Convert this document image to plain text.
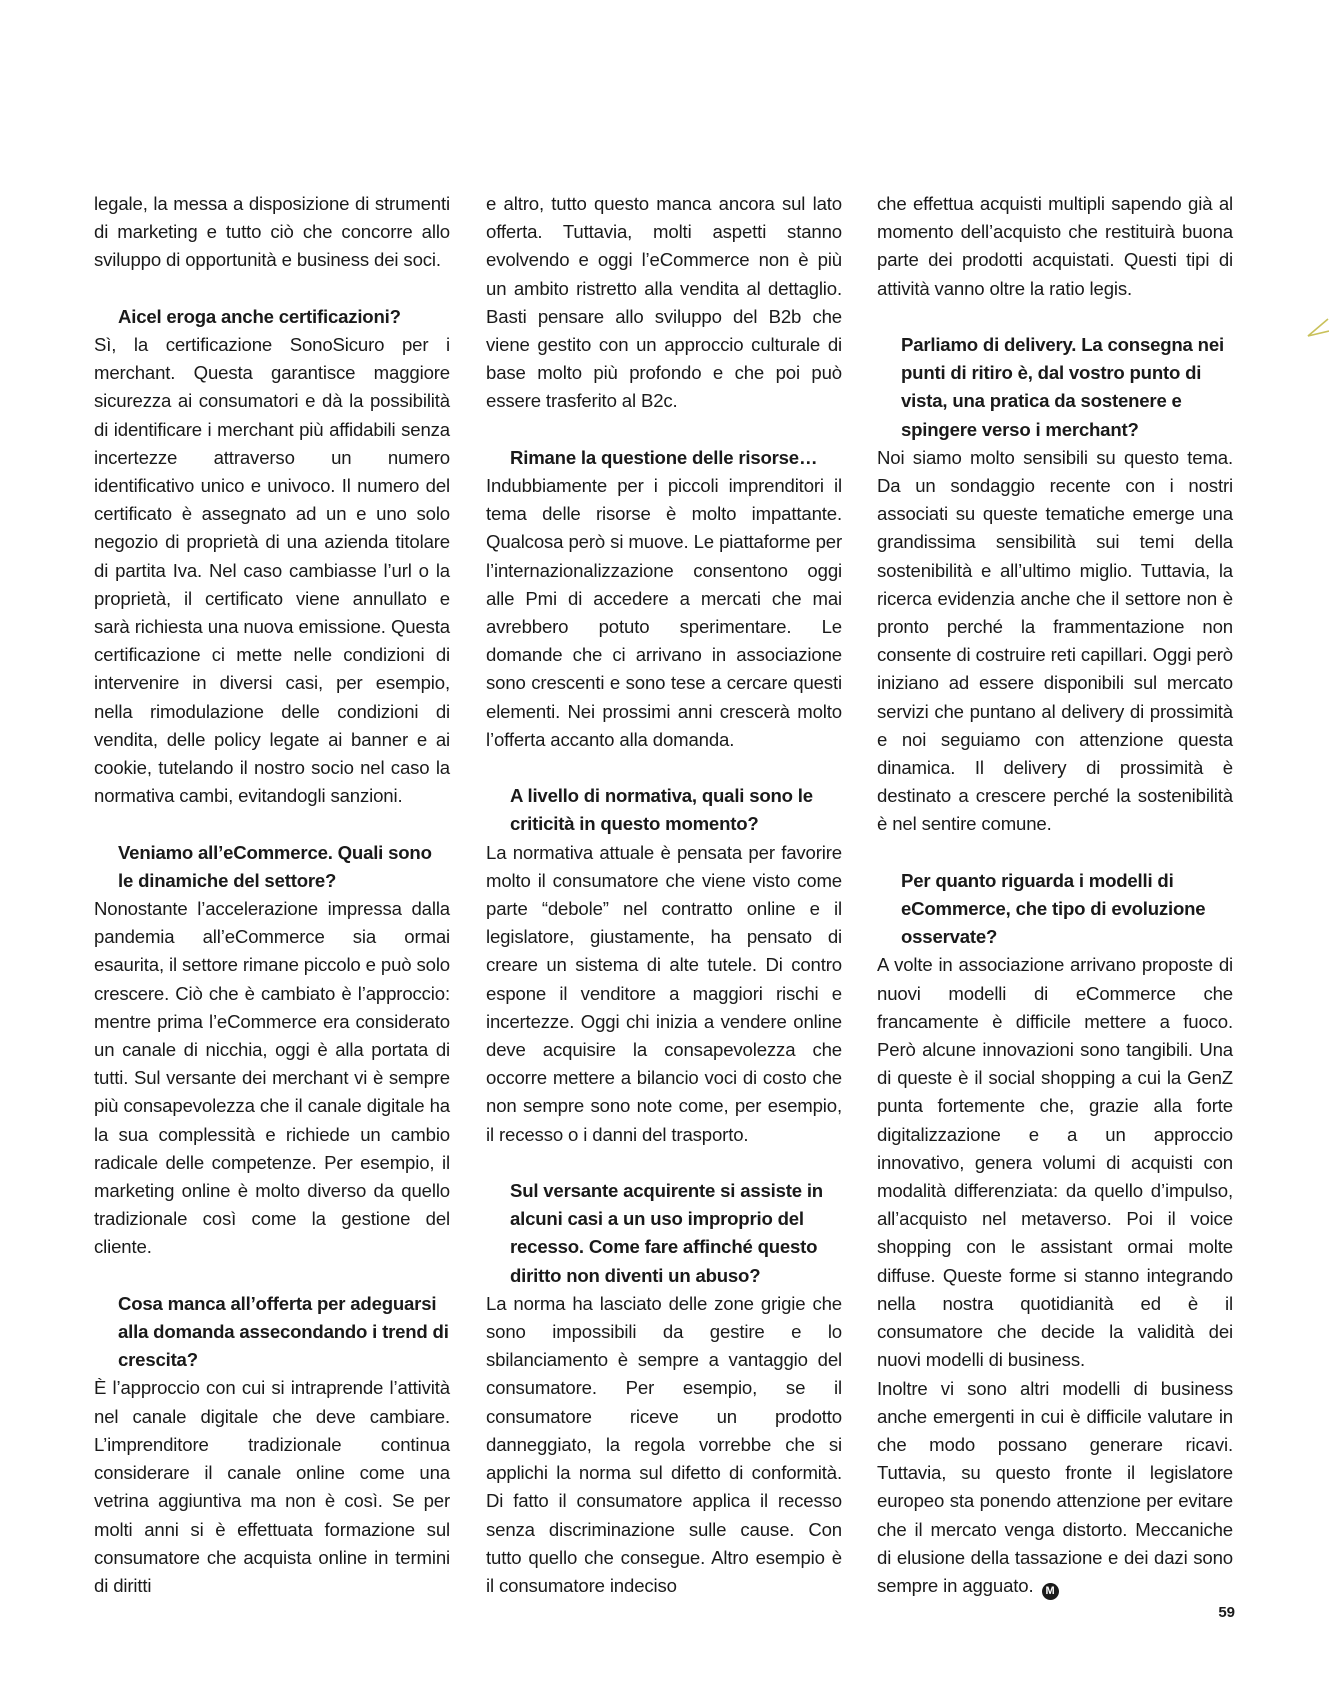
legale, la messa a disposizione di strumenti di marketing e tutto ciò che concorre allo sviluppo di opportunità e business dei soci.

Aicel eroga anche certificazioni?

Sì, la certificazione SonoSicuro per i merchant. Questa garantisce maggiore sicurezza ai consumatori e dà la possibilità di identificare i merchant più affidabili senza incertezze attraverso un numero identificativo unico e univoco. Il numero del certificato è assegnato ad un e uno solo negozio di proprietà di una azienda titolare di partita Iva. Nel caso cambiasse l’url o la proprietà, il certificato viene annullato e sarà richiesta una nuova emissione. Questa certificazione ci mette nelle condizioni di intervenire in diversi casi, per esempio, nella rimodulazione delle condizioni di vendita, delle policy legate ai banner e ai cookie, tutelando il nostro socio nel caso la normativa cambi, evitandogli sanzioni.

Veniamo all’eCommerce. Quali sono le dinamiche del settore?

Nonostante l’accelerazione impressa dalla pandemia all’eCommerce sia ormai esaurita, il settore rimane piccolo e può solo crescere. Ciò che è cambiato è l’approccio: mentre prima l’eCommerce era considerato un canale di nicchia, oggi è alla portata di tutti. Sul versante dei merchant vi è sempre più consapevolezza che il canale digitale ha la sua complessità e richiede un cambio radicale delle competenze. Per esempio, il marketing online è molto diverso da quello tradizionale così come la gestione del cliente.

Cosa manca all’offerta per adeguarsi alla domanda assecondando i trend di crescita?

È l’approccio con cui si intraprende l’attività nel canale digitale che deve cambiare. L’imprenditore tradizionale continua considerare il canale online come una vetrina aggiuntiva ma non è così. Se per molti anni si è effettuata formazione sul consumatore che acquista online in termini di diritti

e altro, tutto questo manca ancora sul lato offerta. Tuttavia, molti aspetti stanno evolvendo e oggi l’eCommerce non è più un ambito ristretto alla vendita al dettaglio. Basti pensare allo sviluppo del B2b che viene gestito con un approccio culturale di base molto più profondo e che poi può essere trasferito al B2c.

Rimane la questione delle risorse…

Indubbiamente per i piccoli imprenditori il tema delle risorse è molto impattante. Qualcosa però si muove. Le piattaforme per l’internazionalizzazione consentono oggi alle Pmi di accedere a mercati che mai avrebbero potuto sperimentare. Le domande che ci arrivano in associazione sono crescenti e sono tese a cercare questi elementi. Nei prossimi anni crescerà molto l’offerta accanto alla domanda.

A livello di normativa, quali sono le criticità in questo momento?

La normativa attuale è pensata per favorire molto il consumatore che viene visto come parte “debole” nel contratto online e il legislatore, giustamente, ha pensato di creare un sistema di alte tutele. Di contro espone il venditore a maggiori rischi e incertezze. Oggi chi inizia a vendere online deve acquisire la consapevolezza che occorre mettere a bilancio voci di costo che non sempre sono note come, per esempio, il recesso o i danni del trasporto.

Sul versante acquirente si assiste in alcuni casi a un uso improprio del recesso. Come fare affinché questo diritto non diventi un abuso?

La norma ha lasciato delle zone grigie che sono impossibili da gestire e lo sbilanciamento è sempre a vantaggio del consumatore. Per esempio, se il consumatore riceve un prodotto danneggiato, la regola vorrebbe che si applichi la norma sul difetto di conformità. Di fatto il consumatore applica il recesso senza discriminazione sulle cause. Con tutto quello che consegue. Altro esempio è il consumatore indeciso

che effettua acquisti multipli sapendo già al momento dell’acquisto che restituirà buona parte dei prodotti acquistati. Questi tipi di attività vanno oltre la ratio legis.

Parliamo di delivery. La consegna nei punti di ritiro è, dal vostro punto di vista, una pratica da sostenere e spingere verso i merchant?

Noi siamo molto sensibili su questo tema. Da un sondaggio recente con i nostri associati su queste tematiche emerge una grandissima sensibilità sui temi della sostenibilità e all’ultimo miglio. Tuttavia, la ricerca evidenzia anche che il settore non è pronto perché la frammentazione non consente di costruire reti capillari. Oggi però iniziano ad essere disponibili sul mercato servizi che puntano al delivery di prossimità e noi seguiamo con attenzione questa dinamica. Il delivery di prossimità è destinato a crescere perché la sostenibilità è nel sentire comune.

Per quanto riguarda i modelli di eCommerce, che tipo di evoluzione osservate?

A volte in associazione arrivano proposte di nuovi modelli di eCommerce che francamente è difficile mettere a fuoco. Però alcune innovazioni sono tangibili. Una di queste è il social shopping a cui la GenZ punta fortemente che, grazie alla forte digitalizzazione e a un approccio innovativo, genera volumi di acquisti con modalità differenziata: da quello d’impulso, all’acquisto nel metaverso. Poi il voice shopping con le assistant ormai molte diffuse. Queste forme si stanno integrando nella nostra quotidianità ed è il consumatore che decide la validità dei nuovi modelli di business.

Inoltre vi sono altri modelli di business anche emergenti in cui è difficile valutare in che modo possano generare ricavi. Tuttavia, su questo fronte il legislatore europeo sta ponendo attenzione per evitare che il mercato venga distorto. Meccaniche di elusione della tassazione e dei dazi sono sempre in agguato. M

59
